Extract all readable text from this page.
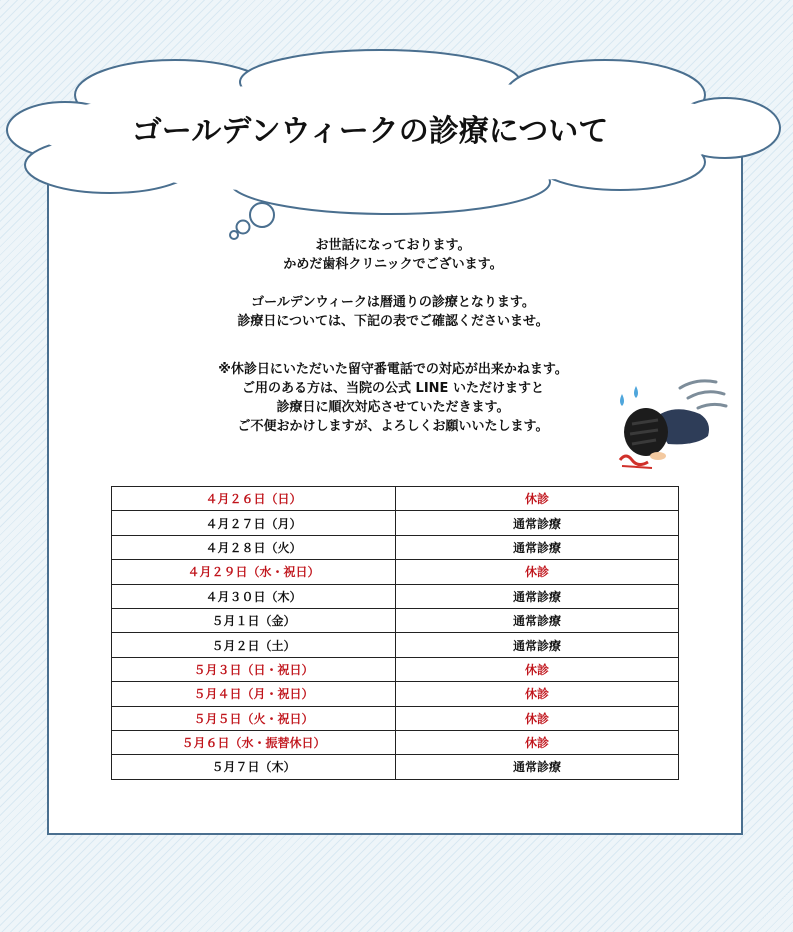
ゴールデンウィークの診療について
お世話になっております。
かめだ歯科クリニックでございます。
ゴールデンウィークは暦通りの診療となります。
診療日については、下記の表でご確認くださいませ。
※休診日にいただいた留守番電話での対応が出来かねます。
ご用のある方は、当院の公式 LINE いただけますと
診療日に順次対応させていただきます。
ご不便おかけしますが、よろしくお願いいたします。
４月２６日（日）	休診
４月２７日（月）	通常診療
４月２８日（火）	通常診療
４月２９日（水・祝日）	休診
４月３０日（木）	通常診療
５月１日（金）	通常診療
５月２日（土）	通常診療
５月３日（日・祝日）	休診
５月４日（月・祝日）	休診
５月５日（火・祝日）	休診
５月６日（水・振替休日）	休診
５月７日（木）	通常診療
